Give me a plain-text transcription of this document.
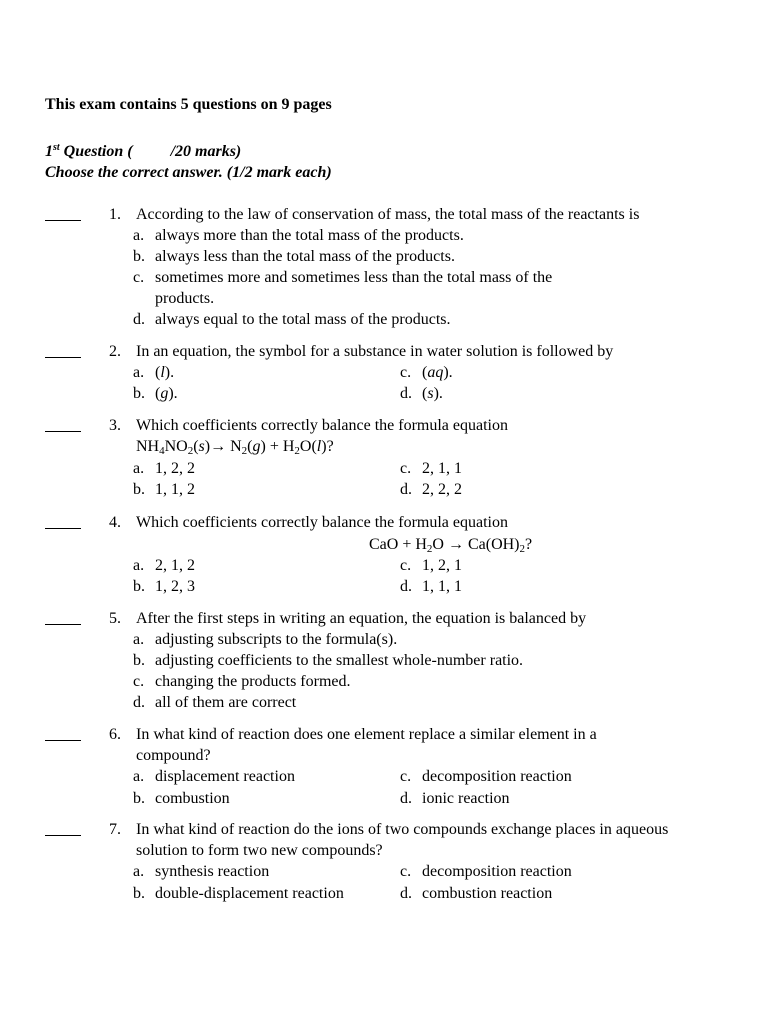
This exam contains 5 questions on 9 pages
1st Question ( /20 marks)
Choose the correct answer. (1/2 mark each)
1. According to the law of conservation of mass, the total mass of the reactants is
a. always more than the total mass of the products.
b. always less than the total mass of the products.
c. sometimes more and sometimes less than the total mass of the
products.
d. always equal to the total mass of the products.
2. In an equation, the symbol for a substance in water solution is followed by
a. (l).
b. (g).
c. (aq).
d. (s).
3. Which coefficients correctly balance the formula equation
$NH_4NO_2(s)\to N_2(g) + H_2O(l)$?
a. 1, 2, 2
b. 1, 1, 2
c. 2, 1, 1
d. 2, 2, 2
4. Which coefficients correctly balance the formula equation
CaO + $H_2O \to Ca(OH)_2$?
a. 2, 1, 2
b. 1, 2, 3
c. 1, 2, 1
d. 1, 1, 1
5. After the first steps in writing an equation, the equation is balanced by
a. adjusting subscripts to the formula(s).
b. adjusting coefficients to the smallest whole-number ratio.
c. changing the products formed.
d. all of them are correct
6. In what kind of reaction does one element replace a similar element in a
compound?
a. displacement reaction
b. combustion
c. decomposition reaction
d. ionic reaction
7. In what kind of reaction do the ions of two compounds exchange places in aqueous
solution to form two new compounds?
a. synthesis reaction
b. double-displacement reaction
c. decomposition reaction
d. combustion reaction
